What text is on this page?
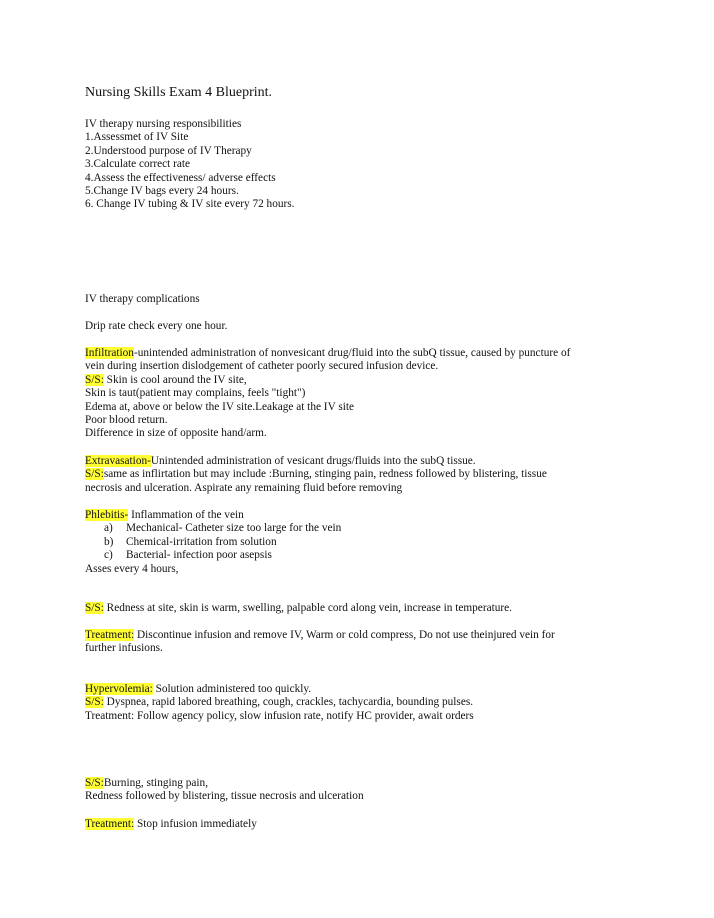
Nursing Skills Exam 4 Blueprint.
IV therapy nursing responsibilities
1.Assessmet of IV Site
2.Understood purpose of IV Therapy
3.Calculate correct rate
4.Assess the effectiveness/ adverse effects
5.Change IV bags every 24 hours.
6. Change IV tubing & IV site every 72 hours.
IV therapy complications
Drip rate check every one hour.
Infiltration-unintended administration of nonvesicant drug/fluid into the subQ tissue, caused by puncture of
vein during insertion dislodgement of catheter poorly secured infusion device.
S/S: Skin is cool around the IV site,
Skin is taut(patient may complains, feels "tight")
Edema at, above or below the IV site.Leakage at the IV site
Poor blood return.
Difference in size of opposite hand/arm.
Extravasation-Unintended administration of vesicant drugs/fluids into the subQ tissue.
S/S:same as inflirtation but may include :Burning, stinging pain, redness followed by blistering, tissue
necrosis and ulceration. Aspirate any remaining fluid before removing
Phlebitis- Inflammation of the vein
a) Mechanical- Catheter size too large for the vein
b) Chemical-irritation from solution
c) Bacterial- infection poor asepsis
Asses every 4 hours,
S/S: Redness at site, skin is warm, swelling, palpable cord along vein, increase in temperature.
Treatment: Discontinue infusion and remove IV, Warm or cold compress, Do not use theinjured vein for
further infusions.
Hypervolemia: Solution administered too quickly.
S/S: Dyspnea, rapid labored breathing, cough, crackles, tachycardia, bounding pulses.
Treatment: Follow agency policy, slow infusion rate, notify HC provider, await orders
S/S:Burning, stinging pain,
Redness followed by blistering, tissue necrosis and ulceration
Treatment: Stop infusion immediately
